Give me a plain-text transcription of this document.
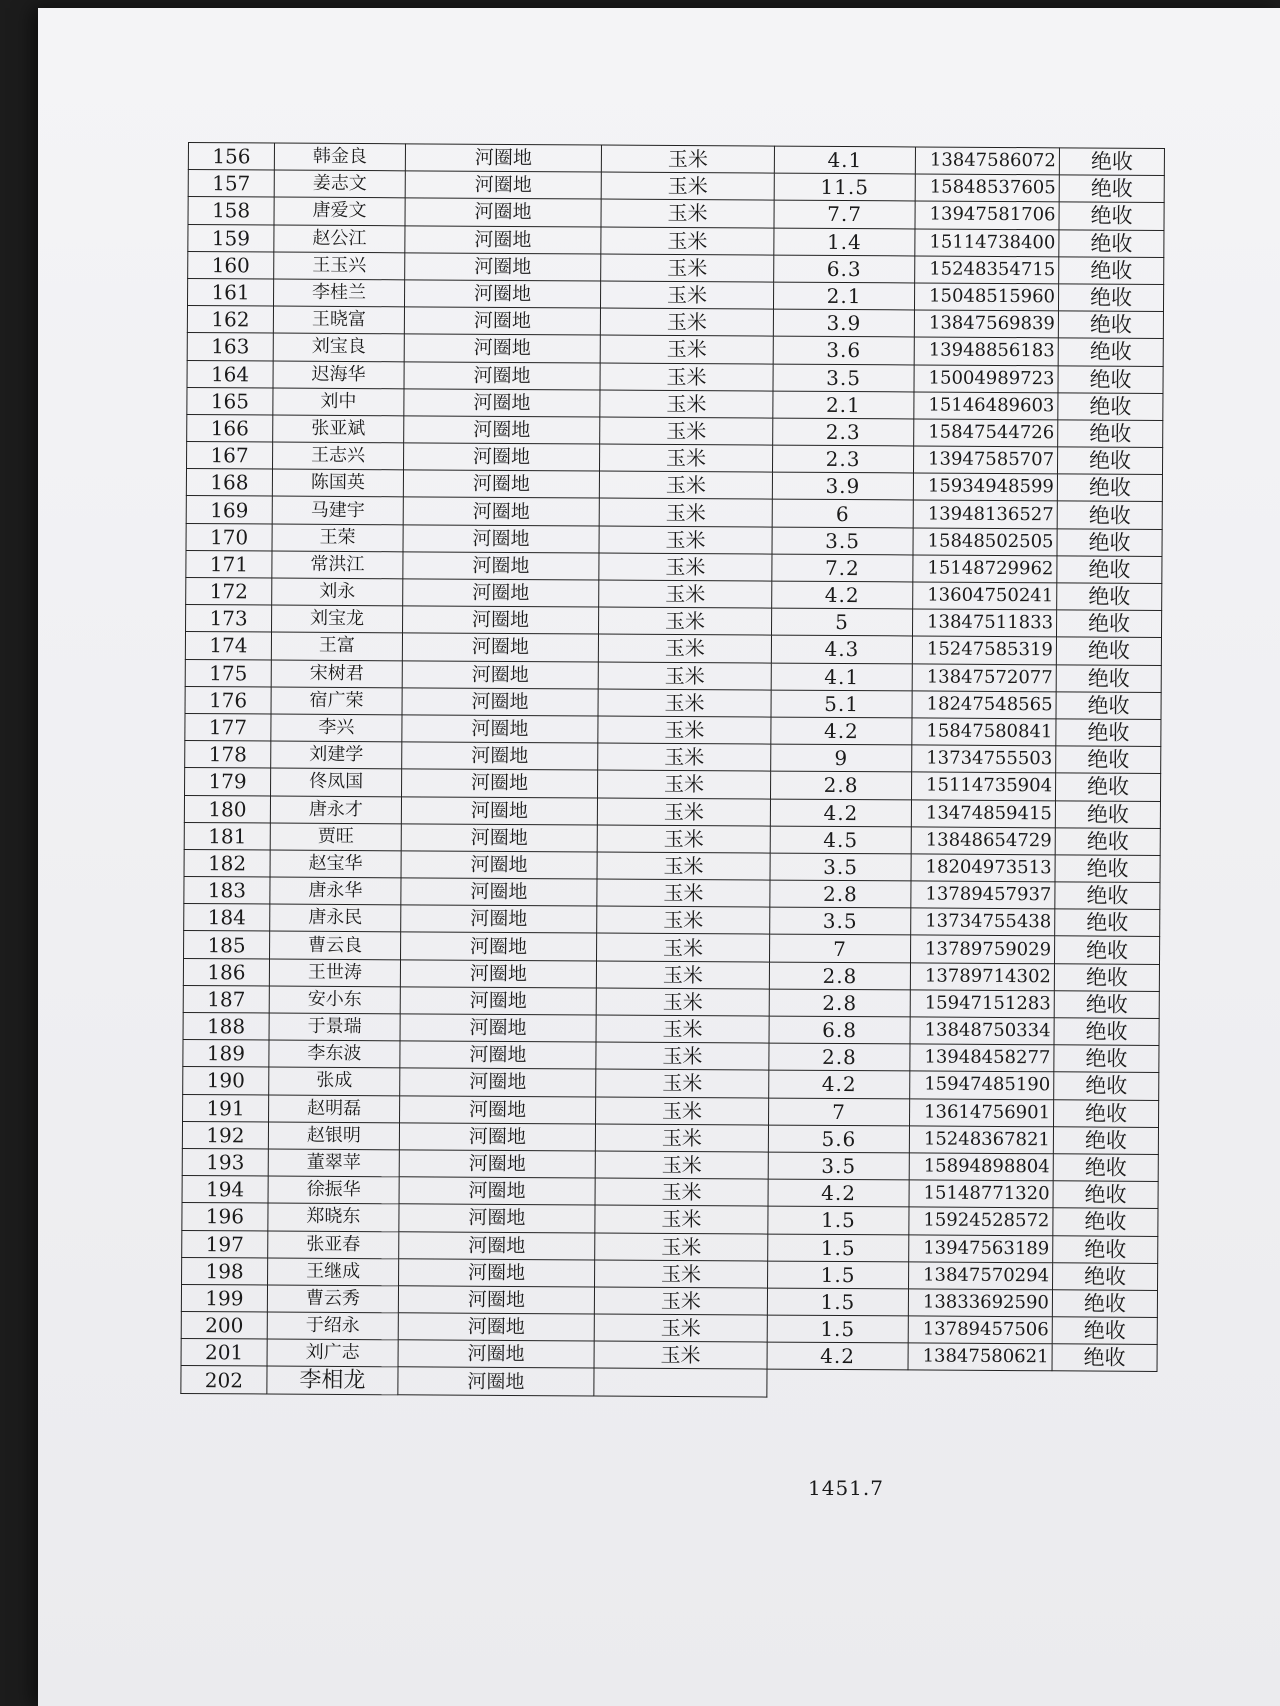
156	韩金良	河圈地	玉米	4.1	13847586072	绝收
157	姜志文	河圈地	玉米	11.5	15848537605	绝收
158	唐爱文	河圈地	玉米	7.7	13947581706	绝收
159	赵公江	河圈地	玉米	1.4	15114738400	绝收
160	王玉兴	河圈地	玉米	6.3	15248354715	绝收
161	李桂兰	河圈地	玉米	2.1	15048515960	绝收
162	王晓富	河圈地	玉米	3.9	13847569839	绝收
163	刘宝良	河圈地	玉米	3.6	13948856183	绝收
164	迟海华	河圈地	玉米	3.5	15004989723	绝收
165	刘中	河圈地	玉米	2.1	15146489603	绝收
166	张亚斌	河圈地	玉米	2.3	15847544726	绝收
167	王志兴	河圈地	玉米	2.3	13947585707	绝收
168	陈国英	河圈地	玉米	3.9	15934948599	绝收
169	马建宇	河圈地	玉米	6	13948136527	绝收
170	王荣	河圈地	玉米	3.5	15848502505	绝收
171	常洪江	河圈地	玉米	7.2	15148729962	绝收
172	刘永	河圈地	玉米	4.2	13604750241	绝收
173	刘宝龙	河圈地	玉米	5	13847511833	绝收
174	王富	河圈地	玉米	4.3	15247585319	绝收
175	宋树君	河圈地	玉米	4.1	13847572077	绝收
176	宿广荣	河圈地	玉米	5.1	18247548565	绝收
177	李兴	河圈地	玉米	4.2	15847580841	绝收
178	刘建学	河圈地	玉米	9	13734755503	绝收
179	佟凤国	河圈地	玉米	2.8	15114735904	绝收
180	唐永才	河圈地	玉米	4.2	13474859415	绝收
181	贾旺	河圈地	玉米	4.5	13848654729	绝收
182	赵宝华	河圈地	玉米	3.5	18204973513	绝收
183	唐永华	河圈地	玉米	2.8	13789457937	绝收
184	唐永民	河圈地	玉米	3.5	13734755438	绝收
185	曹云良	河圈地	玉米	7	13789759029	绝收
186	王世涛	河圈地	玉米	2.8	13789714302	绝收
187	安小东	河圈地	玉米	2.8	15947151283	绝收
188	于景瑞	河圈地	玉米	6.8	13848750334	绝收
189	李东波	河圈地	玉米	2.8	13948458277	绝收
190	张成	河圈地	玉米	4.2	15947485190	绝收
191	赵明磊	河圈地	玉米	7	13614756901	绝收
192	赵银明	河圈地	玉米	5.6	15248367821	绝收
193	董翠苹	河圈地	玉米	3.5	15894898804	绝收
194	徐振华	河圈地	玉米	4.2	15148771320	绝收
196	郑晓东	河圈地	玉米	1.5	15924528572	绝收
197	张亚春	河圈地	玉米	1.5	13947563189	绝收
198	王继成	河圈地	玉米	1.5	13847570294	绝收
199	曹云秀	河圈地	玉米	1.5	13833692590	绝收
200	于绍永	河圈地	玉米	1.5	13789457506	绝收
201	刘广志	河圈地	玉米	4.2	13847580621	绝收
202	李相龙	河圈地				
1451.7
